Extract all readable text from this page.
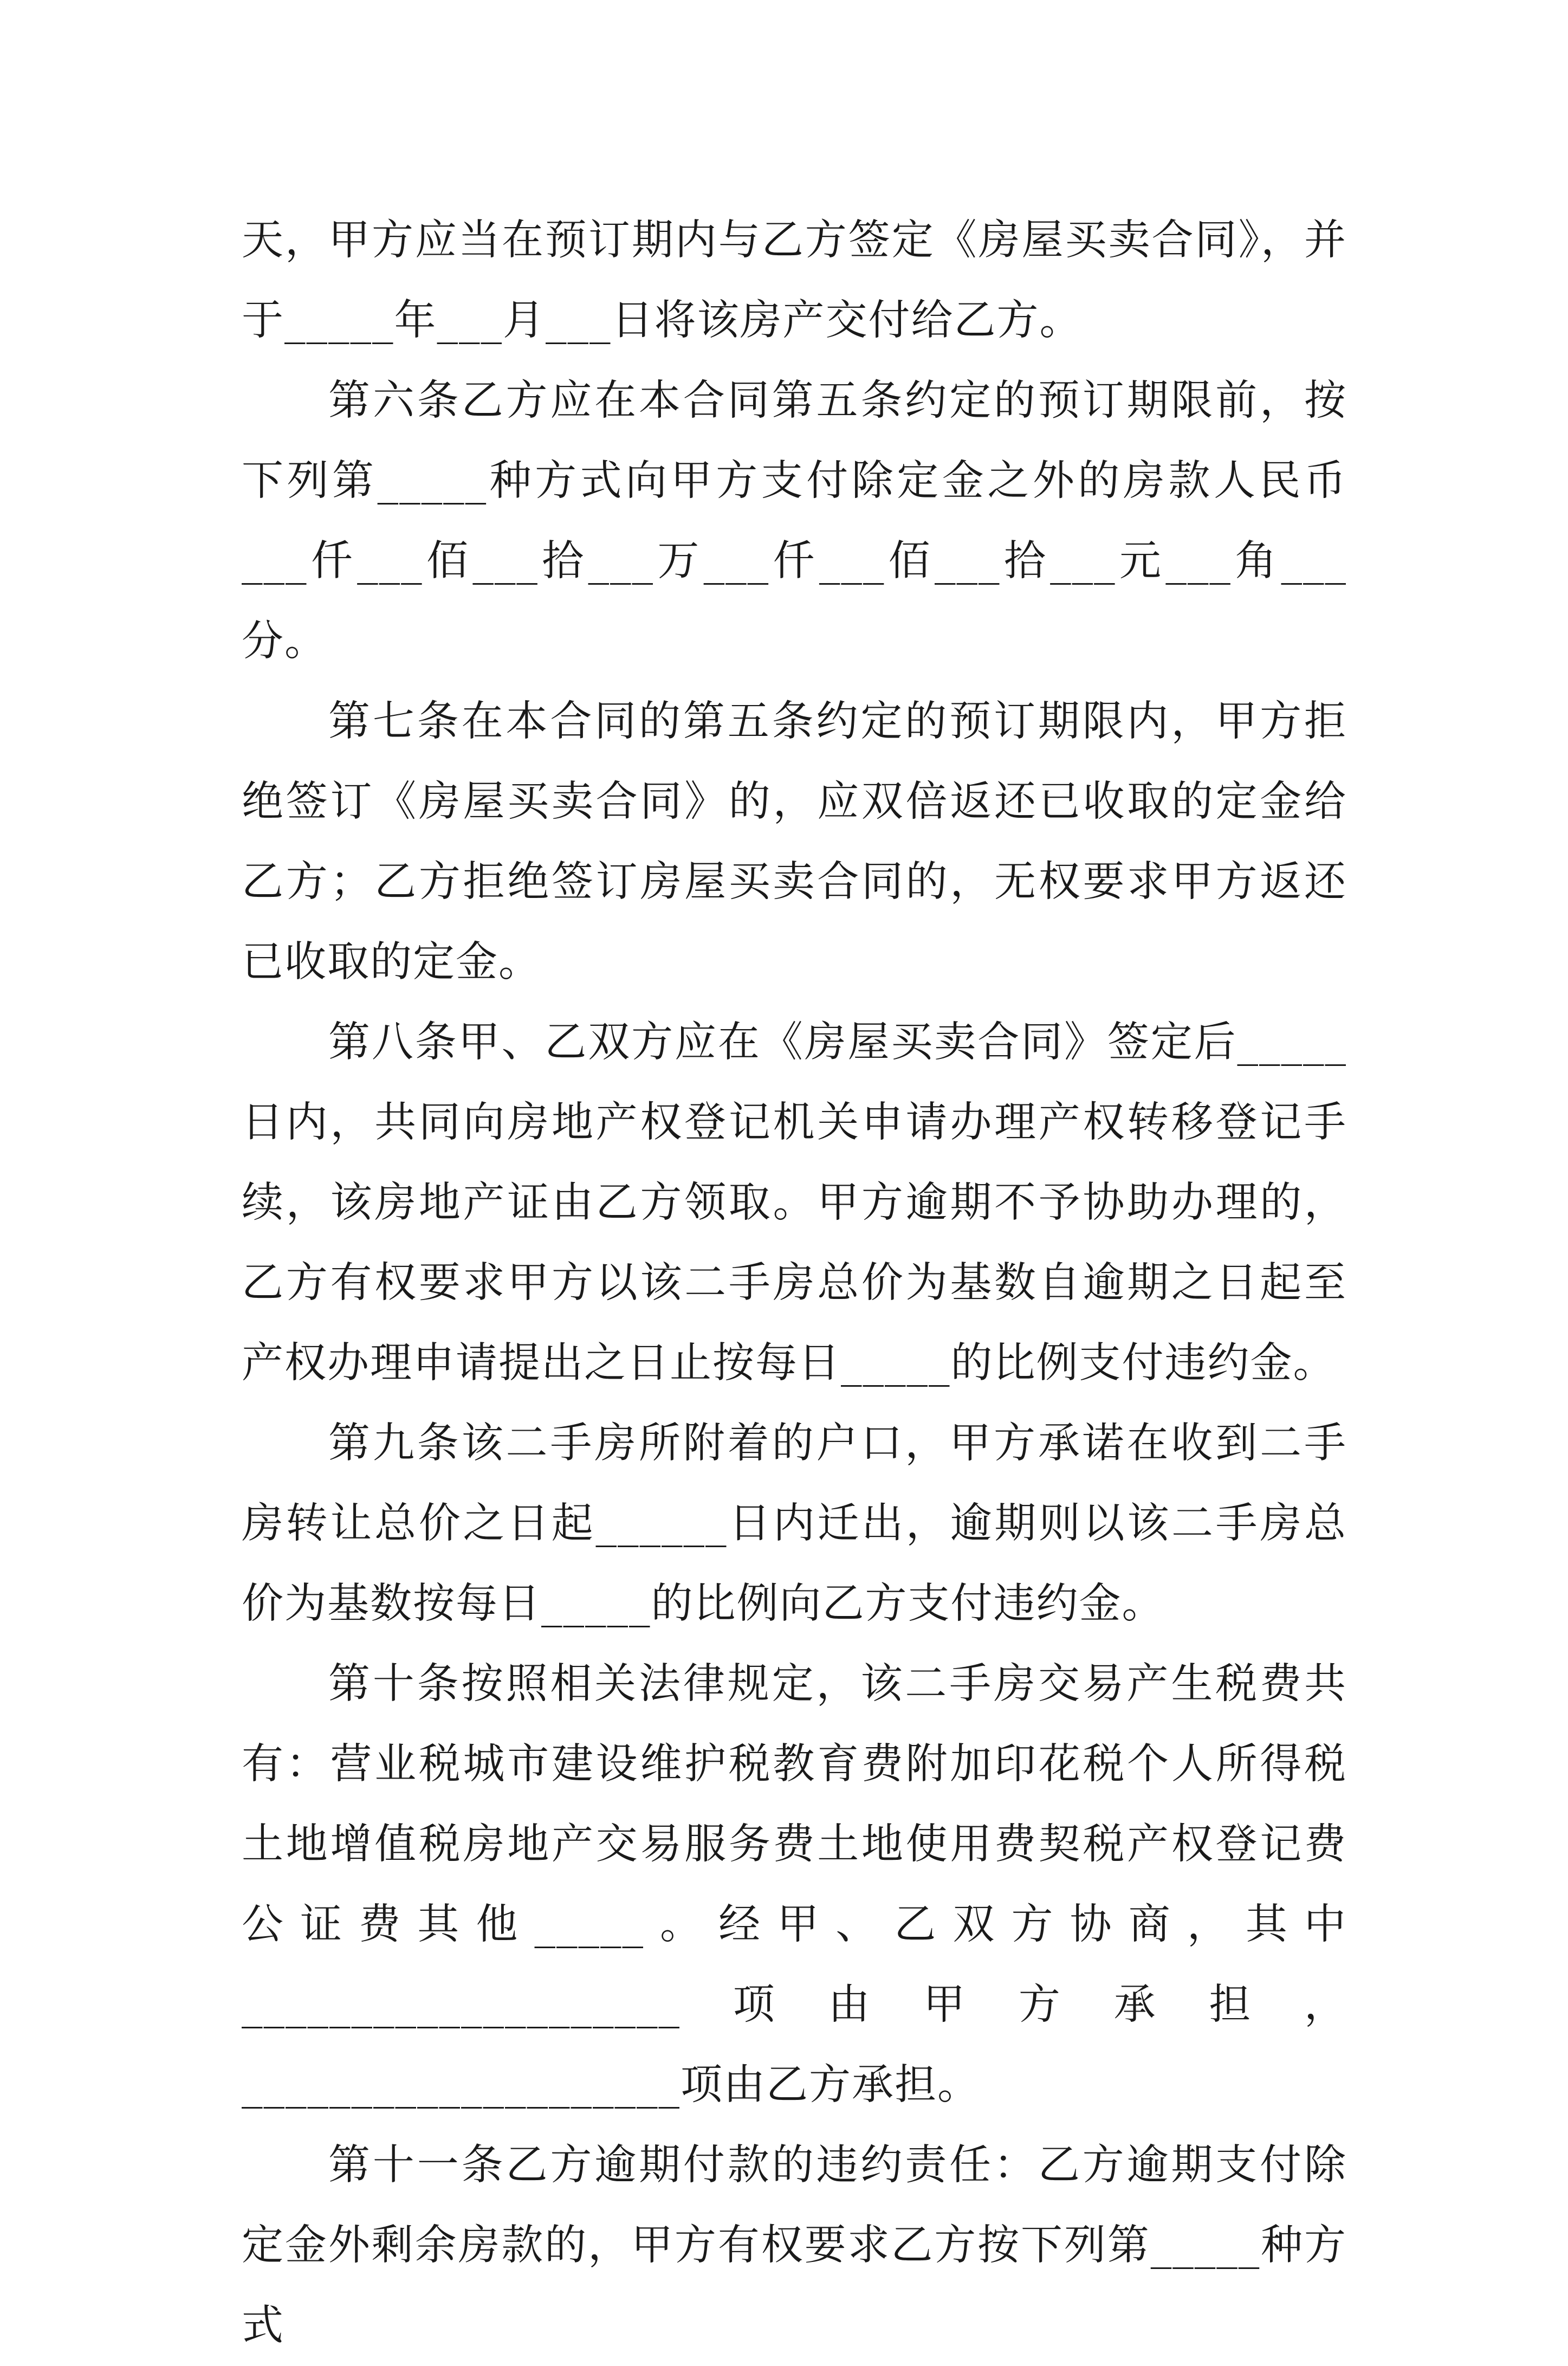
天，甲方应当在预订期内与乙方签定《房屋买卖合同》，并于_____年___月___日将该房产交付给乙方。

第六条乙方应在本合同第五条约定的预订期限前，按下列第_____种方式向甲方支付除定金之外的房款人民币___仟___佰___拾___万___仟___佰___拾___元___角___分。

第七条在本合同的第五条约定的预订期限内，甲方拒绝签订《房屋买卖合同》的，应双倍返还已收取的定金给乙方；乙方拒绝签订房屋买卖合同的，无权要求甲方返还已收取的定金。

第八条甲、乙双方应在《房屋买卖合同》签定后_____日内，共同向房地产权登记机关申请办理产权转移登记手续，该房地产证由乙方领取。甲方逾期不予协助办理的，乙方有权要求甲方以该二手房总价为基数自逾期之日起至产权办理申请提出之日止按每日_____的比例支付违约金。

第九条该二手房所附着的户口，甲方承诺在收到二手房转让总价之日起______日内迁出，逾期则以该二手房总价为基数按每日_____的比例向乙方支付违约金。

第十条按照相关法律规定，该二手房交易产生税费共有：营业税城市建设维护税教育费附加印花税个人所得税土地增值税房地产交易服务费土地使用费契税产权登记费公证费其他_____。经甲、乙双方协商，其中____________________项由甲方承担，____________________项由乙方承担。

第十一条乙方逾期付款的违约责任：乙方逾期支付除定金外剩余房款的，甲方有权要求乙方按下列第_____种方式
